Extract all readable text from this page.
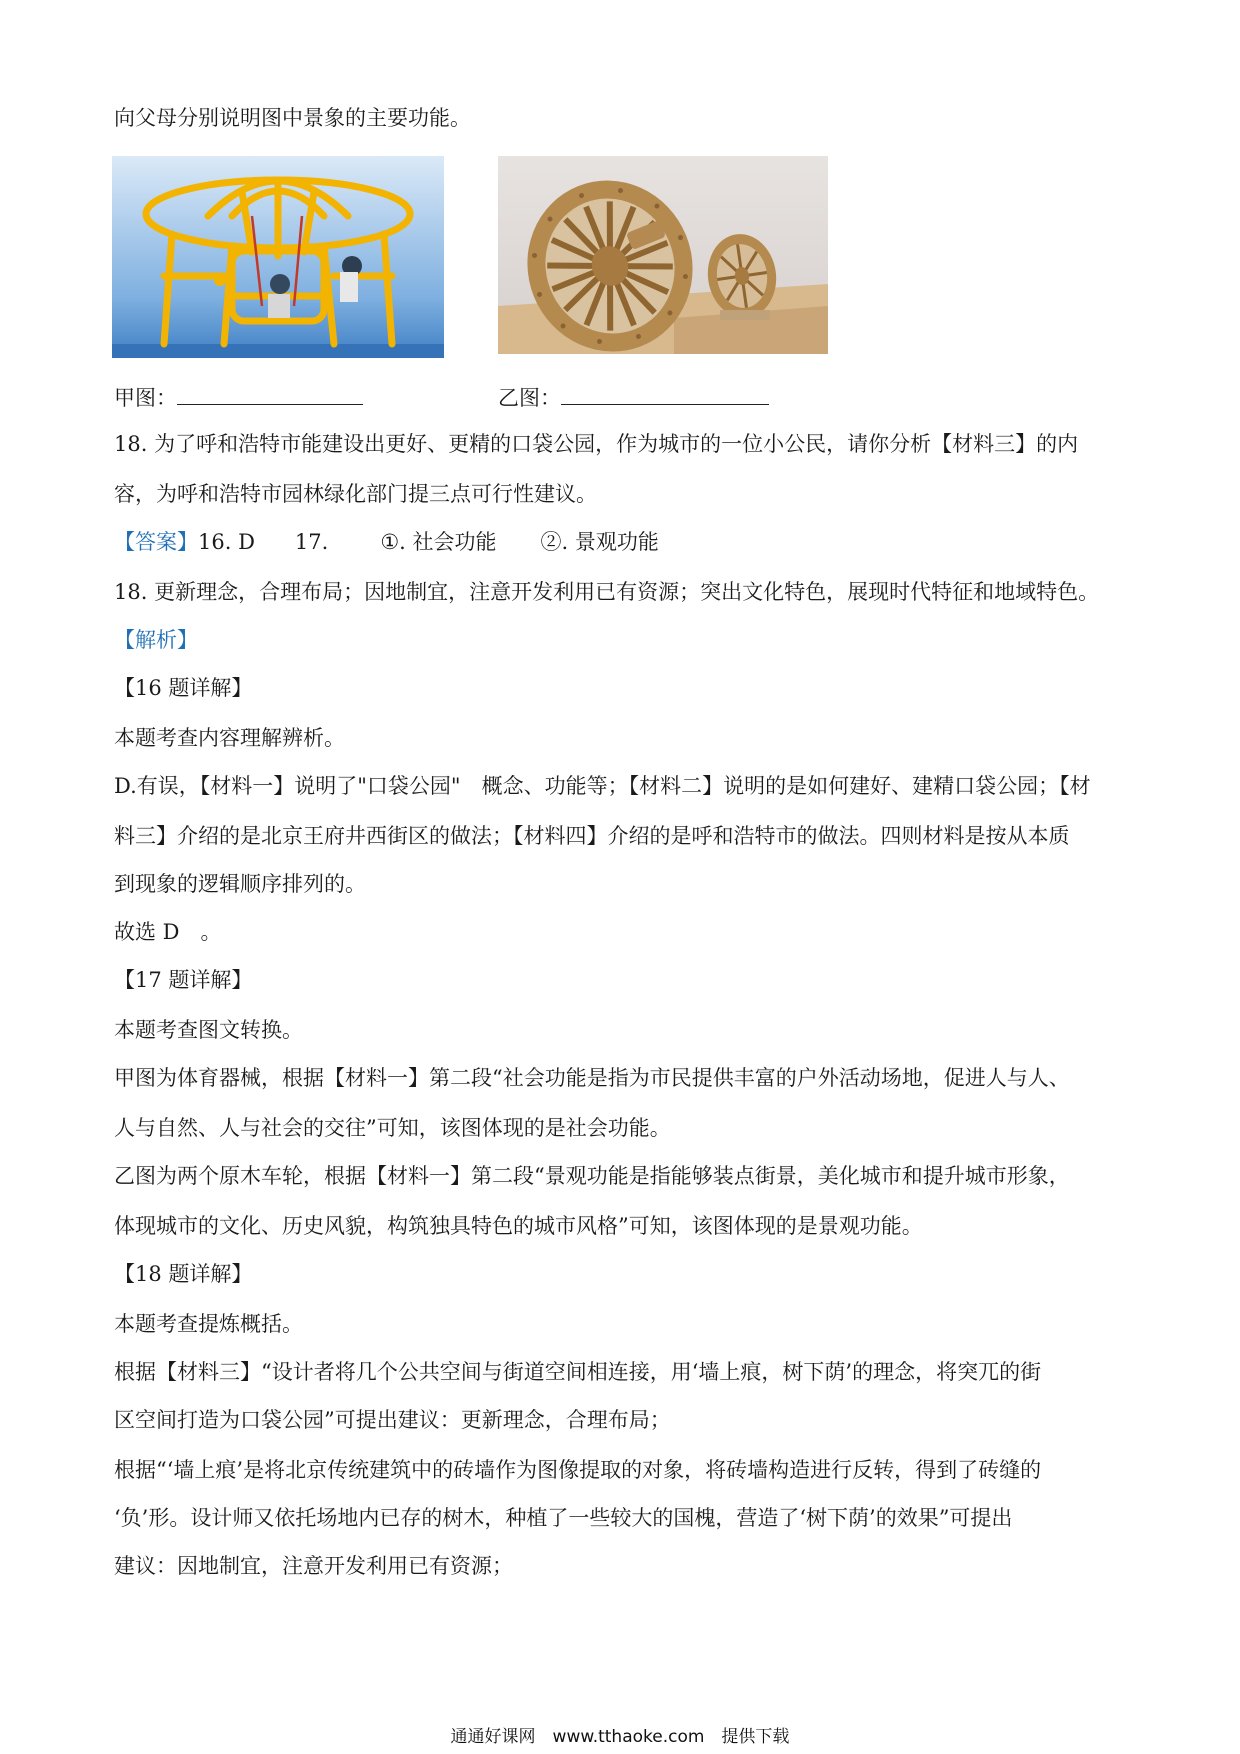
向父母分别说明图中景象的主要功能。
甲图：	乙图：
18. 为了呼和浩特市能建设出更好、更精的口袋公园，作为城市的一位小公民，请你分析【材料三】的内
容，为呼和浩特市园林绿化部门提三点可行性建议。
【答案】16. D 17. ①. 社会功能 ②. 景观功能
18. 更新理念，合理布局；因地制宜，注意开发利用已有资源；突出文化特色，展现时代特征和地域特色。
【解析】
【16 题详解】
本题考查内容理解辨析。
D.有误，【材料一】说明了"口袋公园"　概念、功能等；【材料二】说明的是如何建好、建精口袋公园；【材
料三】介绍的是北京王府井西街区的做法；【材料四】介绍的是呼和浩特市的做法。四则材料是按从本质
到现象的逻辑顺序排列的。
故选 D　。
【17 题详解】
本题考查图文转换。
甲图为体育器械，根据【材料一】第二段“社会功能是指为市民提供丰富的户外活动场地，促进人与人、
人与自然、人与社会的交往”可知，该图体现的是社会功能。
乙图为两个原木车轮，根据【材料一】第二段“景观功能是指能够装点街景，美化城市和提升城市形象，
体现城市的文化、历史风貌，构筑独具特色的城市风格”可知，该图体现的是景观功能。
【18 题详解】
本题考查提炼概括。
根据【材料三】“设计者将几个公共空间与街道空间相连接，用‘墙上痕，树下荫’的理念，将突兀的街
区空间打造为口袋公园”可提出建议：更新理念，合理布局；
根据“‘墙上痕’是将北京传统建筑中的砖墙作为图像提取的对象，将砖墙构造进行反转，得到了砖缝的
‘负’形。设计师又依托场地内已存的树木，种植了一些较大的国槐，营造了‘树下荫’的效果”可提出
建议：因地制宜，注意开发利用已有资源；
通通好课网　www.tthaoke.com　提供下载
